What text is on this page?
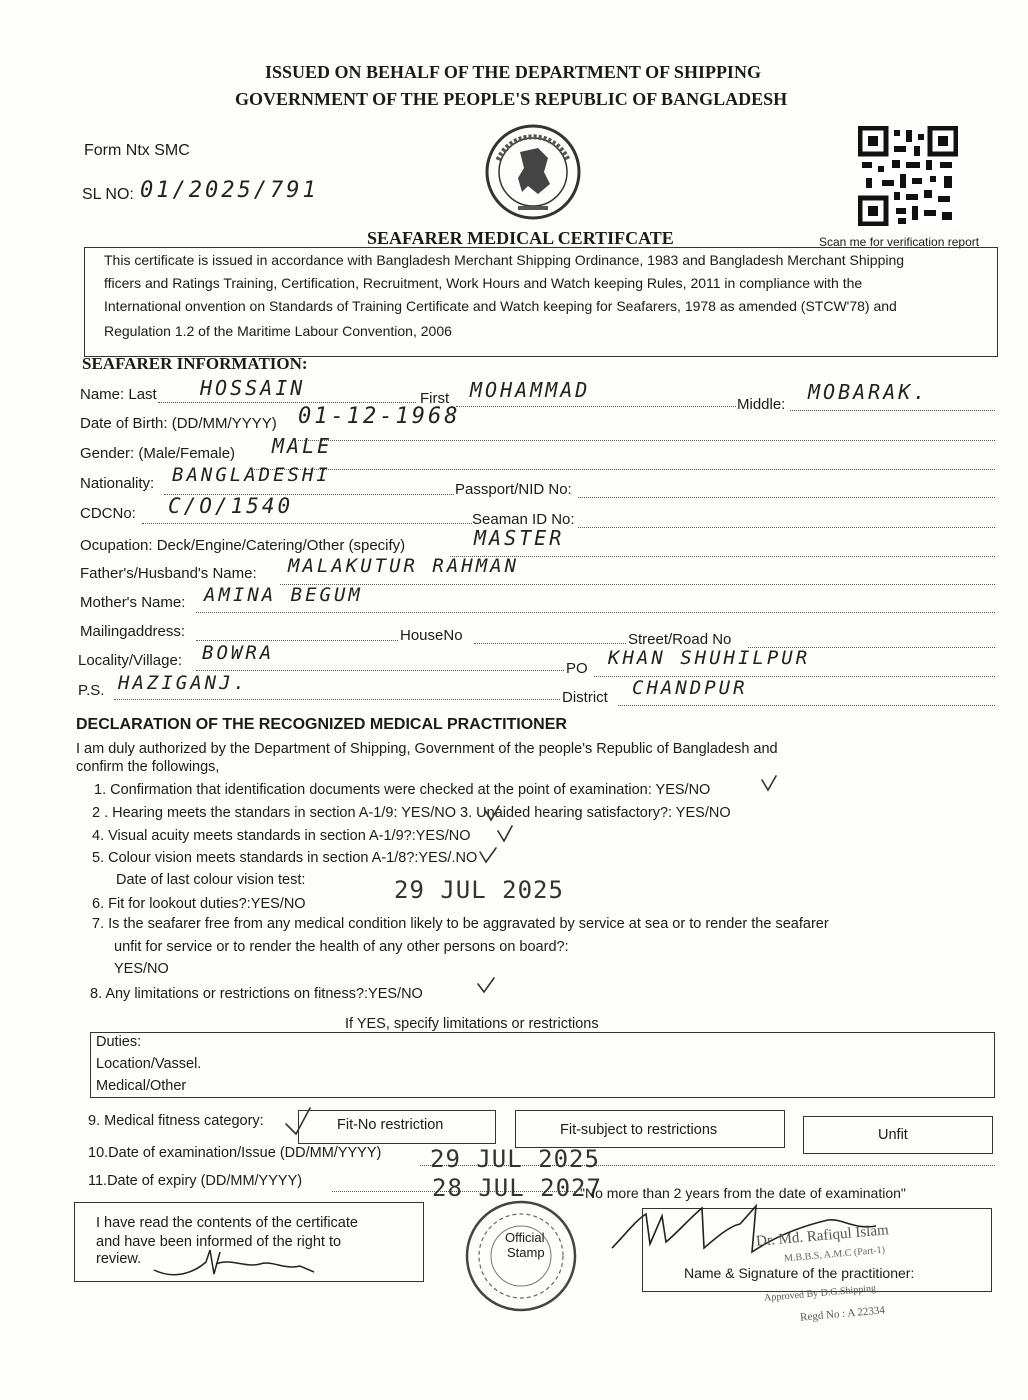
ISSUED ON BEHALF OF THE DEPARTMENT OF SHIPPING
GOVERNMENT OF THE PEOPLE'S REPUBLIC OF BANGLADESH
Form Ntx SMC
SL NO: 01/2025/791
Scan me for verification report
SEAFARER MEDICAL CERTIFCATE
This certificate is issued in accordance with Bangladesh Merchant Shipping Ordinance, 1983 and Bangladesh Merchant Shipping
fficers and Ratings Training, Certification, Recruitment, Work Hours and Watch keeping Rules, 2011 in compliance with the
International onvention on Standards of Training Certificate and Watch keeping for Seafarers, 1978 as amended (STCW'78) and
Regulation 1.2 of the Maritime Labour Convention, 2006
SEAFARER INFORMATION:
Name: Last HOSSAIN	First MOHAMMAD
Middle:
MOBARAK.
Date of Birth: (DD/MM/YYYY) 01-12-1968
Gender: (Male/Female) MALE
Nationality: BANGLADESHI
Passport/NID No:
CDCNo: C/O/1540
Seaman ID No:
Ocupation: Deck/Engine/Catering/Other (specify)	MASTER
Father's/Husband's Name: MALAKUTUR RAHMAN
Mother's Name: AMINA BEGUM
Mailingaddress:	HouseNo	Street/Road No
Locality/Village: BOWRA
PO KHAN SHUHILPUR
P.S. HAZIGANJ.
District CHANDPUR
DECLARATION OF THE RECOGNIZED MEDICAL PRACTITIONER
I am duly authorized by the Department of Shipping, Government of the people's Republic of Bangladesh and
confirm the followings,
1. Confirmation that identification documents were checked at the point of examination: YES/NO
2 . Hearing meets the standars in section A-1/9: YES/NO 3. Unaided hearing satisfactory?: YES/NO
4. Visual acuity meets standards in section A-1/9?:YES/NO
5. Colour vision meets standards in section A-1/8?:YES/.NO
Date of last colour vision test:	29 JUL 2025
6. Fit for lookout duties?:YES/NO
7. Is the seafarer free from any medical condition likely to be aggravated by service at sea or to render the seafarer
unfit for service or to render the health of any other persons on board?:
YES/NO
8. Any limitations or restrictions on fitness?:YES/NO
If YES, specify limitations or restrictions
Duties:
Location/Vassel.
Medical/Other
9. Medical fitness category:	Fit-No restriction	Fit-subject to restrictions	Unfit
10.Date of examination/Issue (DD/MM/YYYY) 29 JUL 2025
11.Date of expiry (DD/MM/YYYY)	28 JUL 2027
"No more than 2 years from the date of examination"
I have read the contents of the certificate
and have been informed of the right to
review.
Official
Stamp
Dr. Md. Rafiqul Islam
M.B.B.S, A.M.C (Part-1)
Name & Signature of the practitioner:
Approved By D.G.Shipping
Regd No : A 22334
